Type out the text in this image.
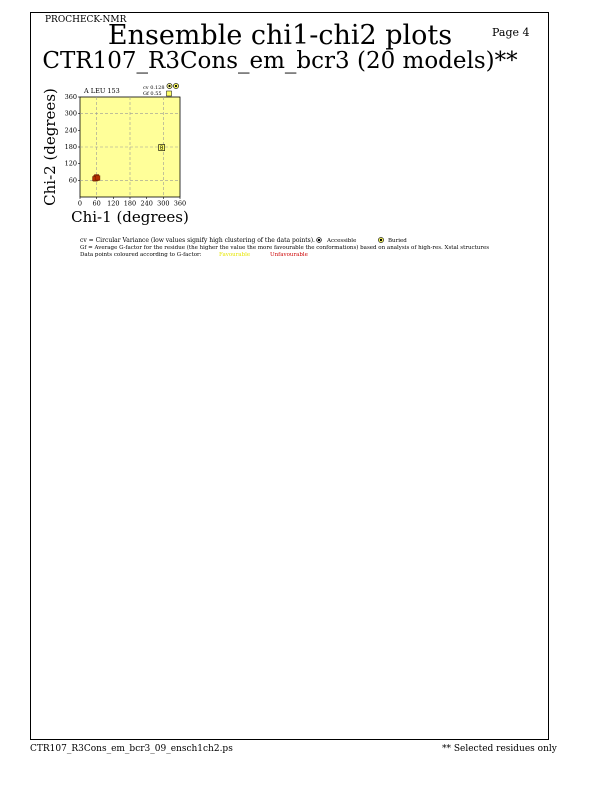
PROCHECK-NMR
Page 4
Ensemble chi1-chi2 plots
CTR107_R3Cons_em_bcr3 (20 models)**
0 60 120 180 240 300 360
60
120
180
240
300
360
B
A LEU 153	cv 0.128
Gf 0.55
Chi-1 (degrees)
Chi-2 (degrees)
cv = Circular Variance (low values signify high clustering of the data points). Accessible	Buried
Gf = Average G-factor for the residue (the higher the value the more favourable the conformations) based on analysis of high-res. Xstal structures
Data points coloured according to G-factor:	Favourable	Unfavourable
CTR107_R3Cons_em_bcr3_09_ensch1ch2.ps	** Selected residues only
